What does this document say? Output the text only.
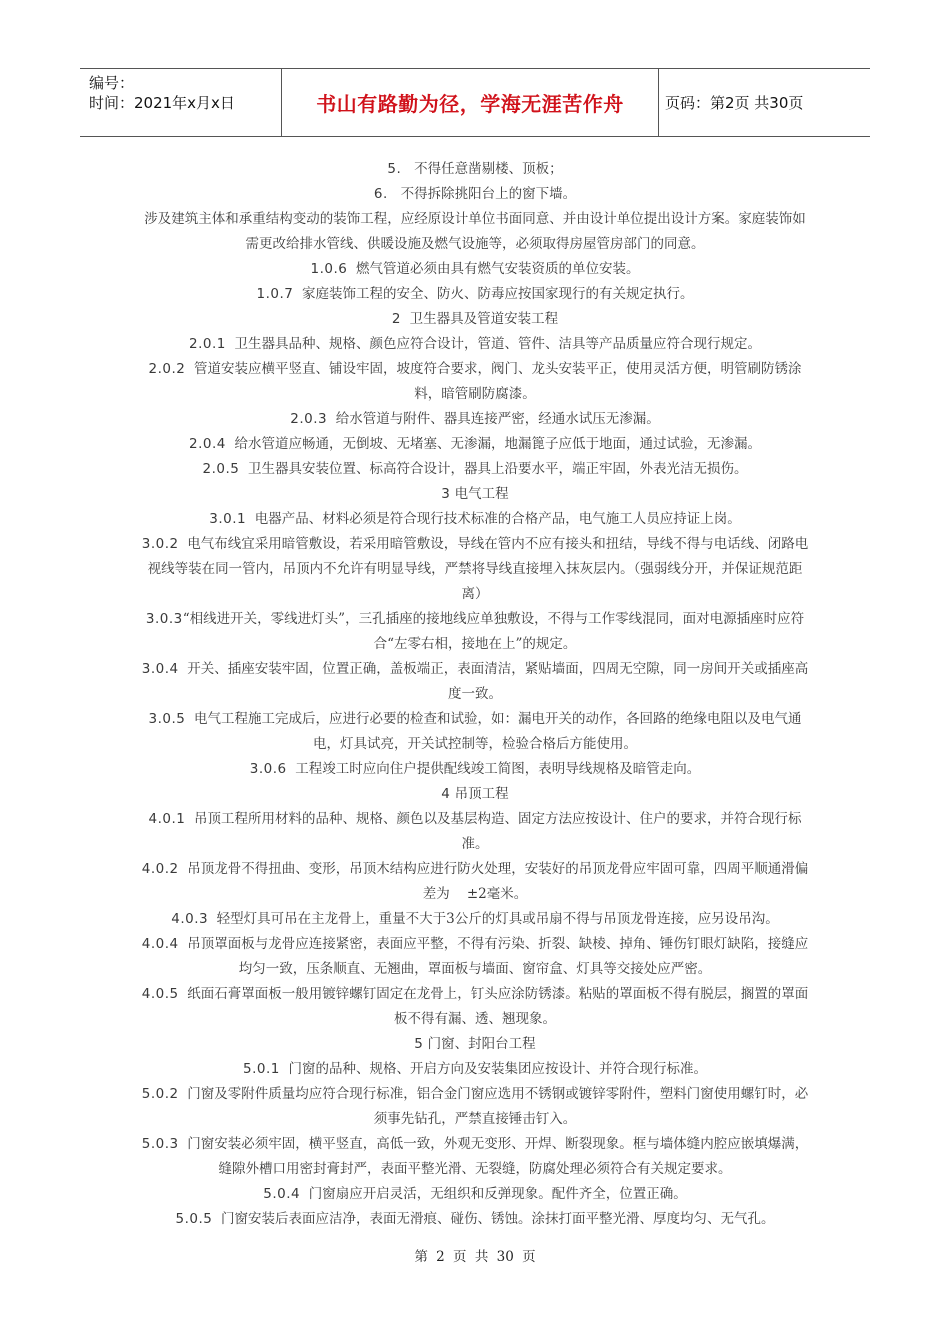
编号：
时间：2021年x月x日	书山有路勤为径，学海无涯苦作舟	页码：第2页 共30页

5.   不得任意凿剔楼、顶板；

6.   不得拆除挑阳台上的窗下墙。

涉及建筑主体和承重结构变动的装饰工程，应经原设计单位书面同意、并由设计单位提出设计方案。家庭装饰如需更改给排水管线、供暖设施及燃气设施等，必须取得房屋管房部门的同意。

1.0.6  燃气管道必须由具有燃气安装资质的单位安装。

1.0.7  家庭装饰工程的安全、防火、防毒应按国家现行的有关规定执行。

2  卫生器具及管道安装工程

2.0.1  卫生器具品种、规格、颜色应符合设计，管道、管件、洁具等产品质量应符合现行规定。

2.0.2  管道安装应横平竖直、铺设牢固，坡度符合要求，阀门、龙头安装平正，使用灵活方便，明管刷防锈涂料，暗管刷防腐漆。

2.0.3  给水管道与附件、器具连接严密，经通水试压无渗漏。

2.0.4  给水管道应畅通，无倒坡、无堵塞、无渗漏，地漏篦子应低于地面，通过试验，无渗漏。

2.0.5  卫生器具安装位置、标高符合设计，器具上沿要水平，端正牢固，外表光洁无损伤。

3 电气工程

3.0.1  电器产品、材料必须是符合现行技术标准的合格产品，电气施工人员应持证上岗。

3.0.2  电气布线宜采用暗管敷设，若采用暗管敷设，导线在管内不应有接头和扭结，导线不得与电话线、闭路电视线等装在同一管内，吊顶内不允许有明显导线，严禁将导线直接埋入抹灰层内。（强弱线分开，并保证规范距离）

3.0.3“相线进开关，零线进灯头”，三孔插座的接地线应单独敷设，不得与工作零线混同，面对电源插座时应符合“左零右相，接地在上”的规定。

3.0.4  开关、插座安装牢固，位置正确，盖板端正，表面清洁，紧贴墙面，四周无空隙，同一房间开关或插座高度一致。

3.0.5  电气工程施工完成后，应进行必要的检查和试验，如：漏电开关的动作，各回路的绝缘电阻以及电气通电，灯具试亮，开关试控制等，检验合格后方能使用。

3.0.6  工程竣工时应向住户提供配线竣工简图，表明导线规格及暗管走向。

4 吊顶工程

4.0.1  吊顶工程所用材料的品种、规格、颜色以及基层构造、固定方法应按设计、住户的要求，并符合现行标准。

4.0.2  吊顶龙骨不得扭曲、变形，吊顶木结构应进行防火处理，安装好的吊顶龙骨应牢固可靠，四周平顺通滑偏差为    ±2毫米。

4.0.3  轻型灯具可吊在主龙骨上，重量不大于3公斤的灯具或吊扇不得与吊顶龙骨连接，应另设吊沟。

4.0.4  吊顶罩面板与龙骨应连接紧密，表面应平整，不得有污染、折裂、缺棱、掉角、锤伤钉眼灯缺陷，接缝应均匀一致，压条顺直、无翘曲，罩面板与墙面、窗帘盒、灯具等交接处应严密。

4.0.5  纸面石膏罩面板一般用镀锌螺钉固定在龙骨上，钉头应涂防锈漆。粘贴的罩面板不得有脱层，搁置的罩面板不得有漏、透、翘现象。

5 门窗、封阳台工程

5.0.1  门窗的品种、规格、开启方向及安装集团应按设计、并符合现行标准。

5.0.2  门窗及零附件质量均应符合现行标准，铝合金门窗应选用不锈钢或镀锌零附件，塑料门窗使用螺钉时，必须事先钻孔，严禁直接锤击钉入。

5.0.3  门窗安装必须牢固，横平竖直，高低一致，外观无变形、开焊、断裂现象。框与墙体缝内腔应嵌填爆满，缝隙外槽口用密封膏封严，表面平整光滑、无裂缝，防腐处理必须符合有关规定要求。

5.0.4  门窗扇应开启灵活，无组织和反弹现象。配件齐全，位置正确。

5.0.5  门窗安装后表面应洁净，表面无滑痕、碰伤、锈蚀。涂抹打面平整光滑、厚度均匀、无气孔。

第 2 页 共 30 页
